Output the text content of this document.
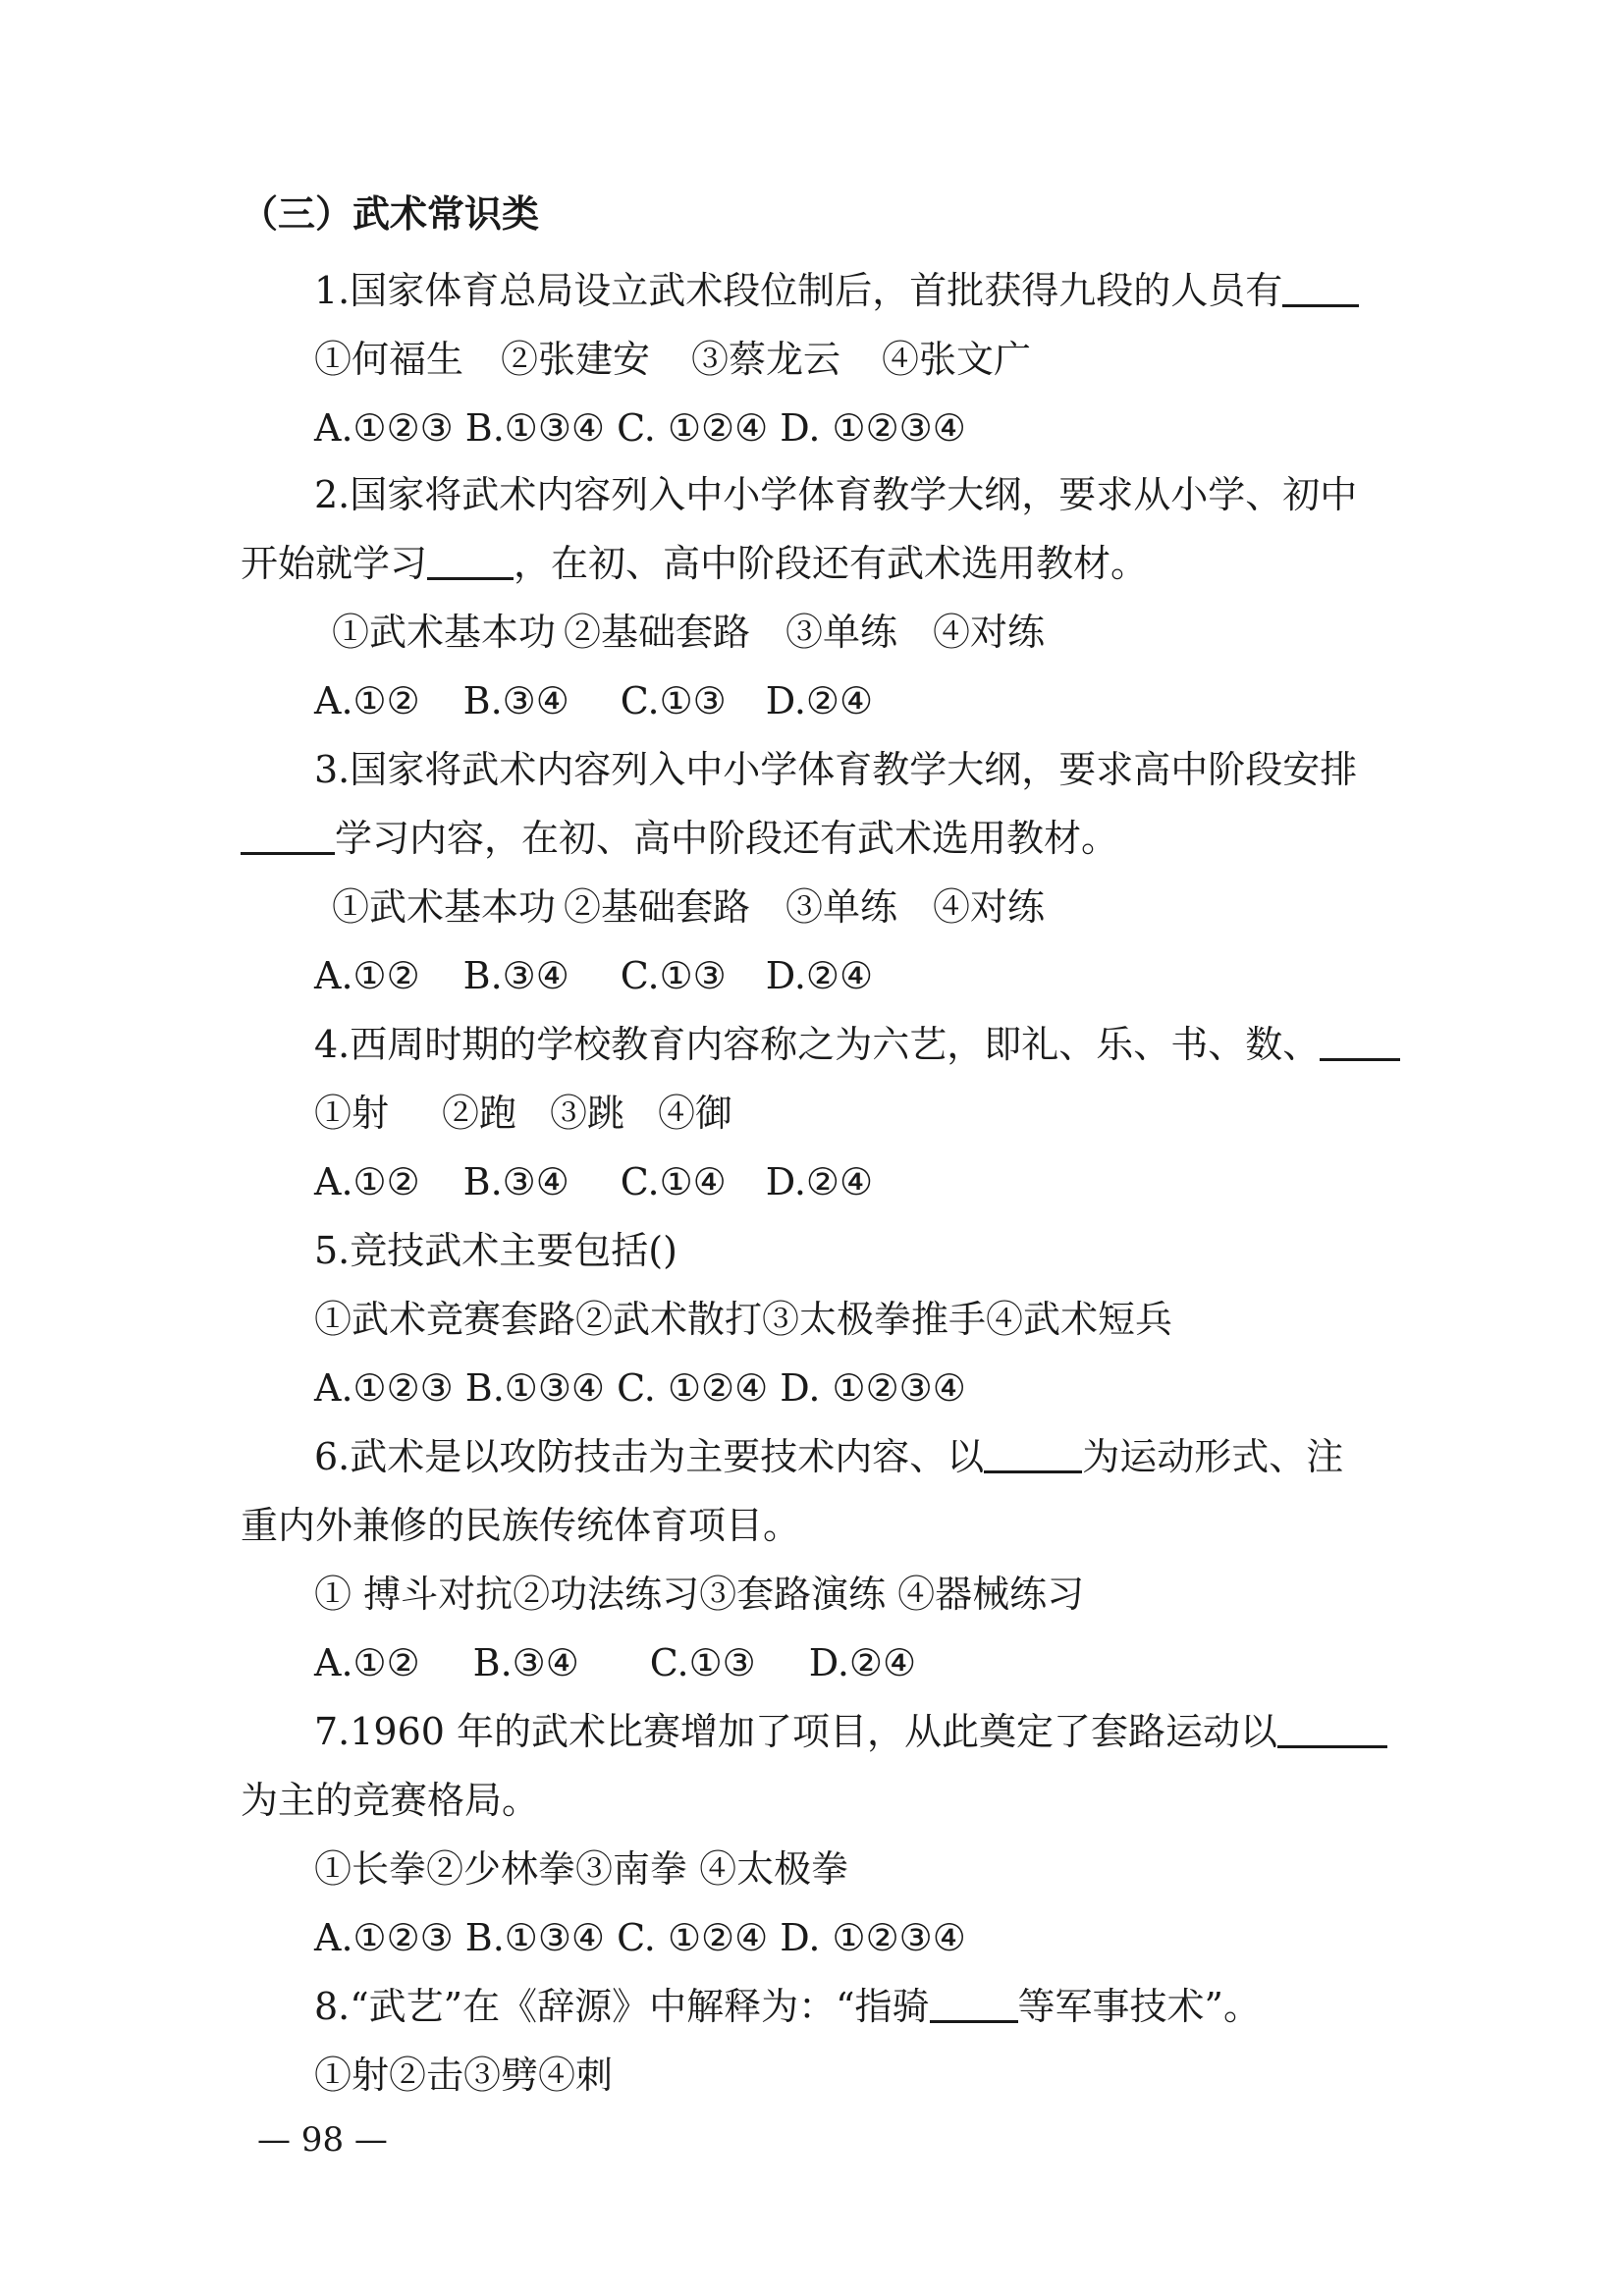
（三）武术常识类
1.国家体育总局设立武术段位制后，首批获得九段的人员有
①何福生 ②张建安 ③蔡龙云 ④张文广
A.①②③ B.①③④ C. ①②④ D. ①②③④
2.国家将武术内容列入中小学体育教学大纲，要求从小学、初中
开始就学习 ，在初、高中阶段还有武术选用教材。
①武术基本功 ②基础套路 ③单练 ④对练
A.①② B.③④ C.①③ D.②④
3.国家将武术内容列入中小学体育教学大纲，要求高中阶段安排
学习内容，在初、高中阶段还有武术选用教材。
①武术基本功 ②基础套路 ③单练 ④对练
A.①② B.③④ C.①③ D.②④
4.西周时期的学校教育内容称之为六艺，即礼、乐、书、数、
①射 ②跑 ③跳 ④御
A.①② B.③④ C.①④ D.②④
5.竞技武术主要包括()
①武术竞赛套路②武术散打③太极拳推手④武术短兵
A.①②③ B.①③④ C. ①②④ D. ①②③④
6.武术是以攻防技击为主要技术内容、以	为运动形式、注
重内外兼修的民族传统体育项目。
① 搏斗对抗②功法练习③套路演练 ④器械练习
A.①② B.③④ C.①③ D.②④
7.1960 年的武术比赛增加了项目，从此奠定了套路运动以
为主的竞赛格局。
①长拳②少林拳③南拳 ④太极拳
A.①②③ B.①③④ C. ①②④ D. ①②③④
8.“武艺”在《辞源》中解释为：“指骑 等军事技术”。
①射②击③劈④刺
— 98 —
